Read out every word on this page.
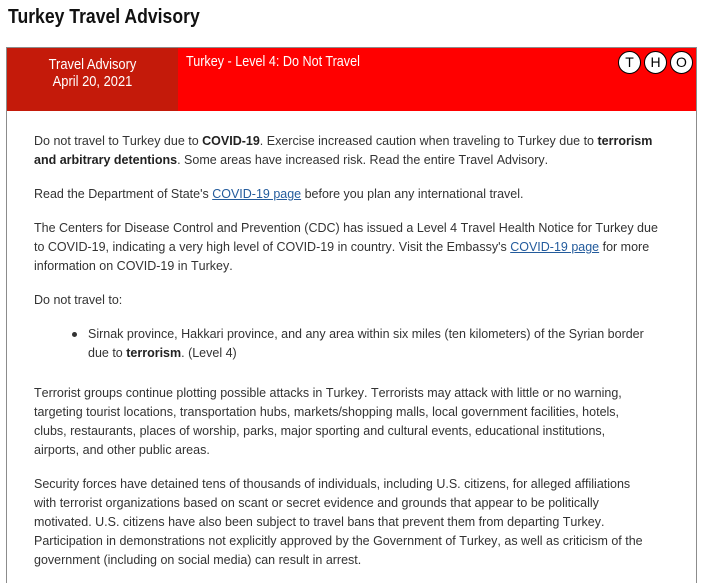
Turkey Travel Advisory
Travel Advisory
April 20, 2021
Turkey - Level 4: Do Not Travel	T	H	O

Do not travel to Turkey due to COVID-19. Exercise increased caution when traveling to Turkey due to terrorism and arbitrary detentions. Some areas have increased risk. Read the entire Travel Advisory.

Read the Department of State's COVID-19 page before you plan any international travel.

The Centers for Disease Control and Prevention (CDC) has issued a Level 4 Travel Health Notice for Turkey due to COVID-19, indicating a very high level of COVID-19 in country. Visit the Embassy's COVID-19 page for more information on COVID-19 in Turkey.

Do not travel to:

Sirnak province, Hakkari province, and any area within six miles (ten kilometers) of the Syrian border due to terrorism. (Level 4)

Terrorist groups continue plotting possible attacks in Turkey. Terrorists may attack with little or no warning, targeting tourist locations, transportation hubs, markets/shopping malls, local government facilities, hotels, clubs, restaurants, places of worship, parks, major sporting and cultural events, educational institutions, airports, and other public areas.

Security forces have detained tens of thousands of individuals, including U.S. citizens, for alleged affiliations with terrorist organizations based on scant or secret evidence and grounds that appear to be politically motivated. U.S. citizens have also been subject to travel bans that prevent them from departing Turkey. Participation in demonstrations not explicitly approved by the Government of Turkey, as well as criticism of the government (including on social media) can result in arrest.
